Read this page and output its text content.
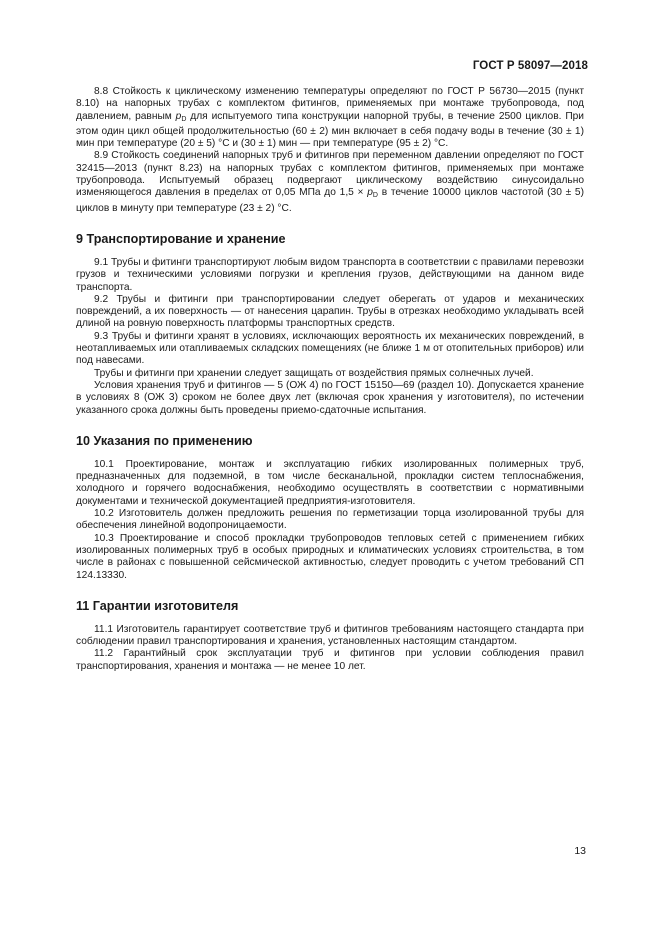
ГОСТ Р 58097—2018

8.8 Стойкость к циклическому изменению температуры определяют по ГОСТ Р 56730—2015 (пункт 8.10) на напорных трубах с комплектом фитингов, применяемых при монтаже трубопровода, под давлением, равным $p_D$ для испытуемого типа конструкции напорной трубы, в течение 2500 циклов. При этом один цикл общей продолжительностью (60 ± 2) мин включает в себя подачу воды в течение (30 ± 1) мин при температуре (20 ± 5) °C и (30 ± 1) мин — при температуре (95 ± 2) °C.

8.9 Стойкость соединений напорных труб и фитингов при переменном давлении определяют по ГОСТ 32415—2013 (пункт 8.23) на напорных трубах с комплектом фитингов, применяемых при монтаже трубопровода. Испытуемый образец подвергают циклическому воздействию синусоидально изменяющегося давления в пределах от 0,05 МПа до $1,5 \times p_D$ в течение 10000 циклов частотой (30 ± 5) циклов в минуту при температуре (23 ± 2) °C.

9 Транспортирование и хранение

9.1 Трубы и фитинги транспортируют любым видом транспорта в соответствии с правилами перевозки грузов и техническими условиями погрузки и крепления грузов, действующими на данном виде транспорта.

9.2 Трубы и фитинги при транспортировании следует оберегать от ударов и механических повреждений, а их поверхность — от нанесения царапин. Трубы в отрезках необходимо укладывать всей длиной на ровную поверхность платформы транспортных средств.

9.3 Трубы и фитинги хранят в условиях, исключающих вероятность их механических повреждений, в неотапливаемых или отапливаемых складских помещениях (не ближе 1 м от отопительных приборов) или под навесами.

Трубы и фитинги при хранении следует защищать от воздействия прямых солнечных лучей.

Условия хранения труб и фитингов — 5 (ОЖ 4) по ГОСТ 15150—69 (раздел 10). Допускается хранение в условиях 8 (ОЖ 3) сроком не более двух лет (включая срок хранения у изготовителя), по истечении указанного срока должны быть проведены приемо-сдаточные испытания.

10 Указания по применению

10.1 Проектирование, монтаж и эксплуатацию гибких изолированных полимерных труб, предназначенных для подземной, в том числе бесканальной, прокладки систем теплоснабжения, холодного и горячего водоснабжения, необходимо осуществлять в соответствии с нормативными документами и технической документацией предприятия-изготовителя.

10.2 Изготовитель должен предложить решения по герметизации торца изолированной трубы для обеспечения линейной водопроницаемости.

10.3 Проектирование и способ прокладки трубопроводов тепловых сетей с применением гибких изолированных полимерных труб в особых природных и климатических условиях строительства, в том числе в районах с повышенной сейсмической активностью, следует проводить с учетом требований СП 124.13330.

11 Гарантии изготовителя

11.1 Изготовитель гарантирует соответствие труб и фитингов требованиям настоящего стандарта при соблюдении правил транспортирования и хранения, установленных настоящим стандартом.

11.2 Гарантийный срок эксплуатации труб и фитингов при условии соблюдения правил транспортирования, хранения и монтажа — не менее 10 лет.

13
